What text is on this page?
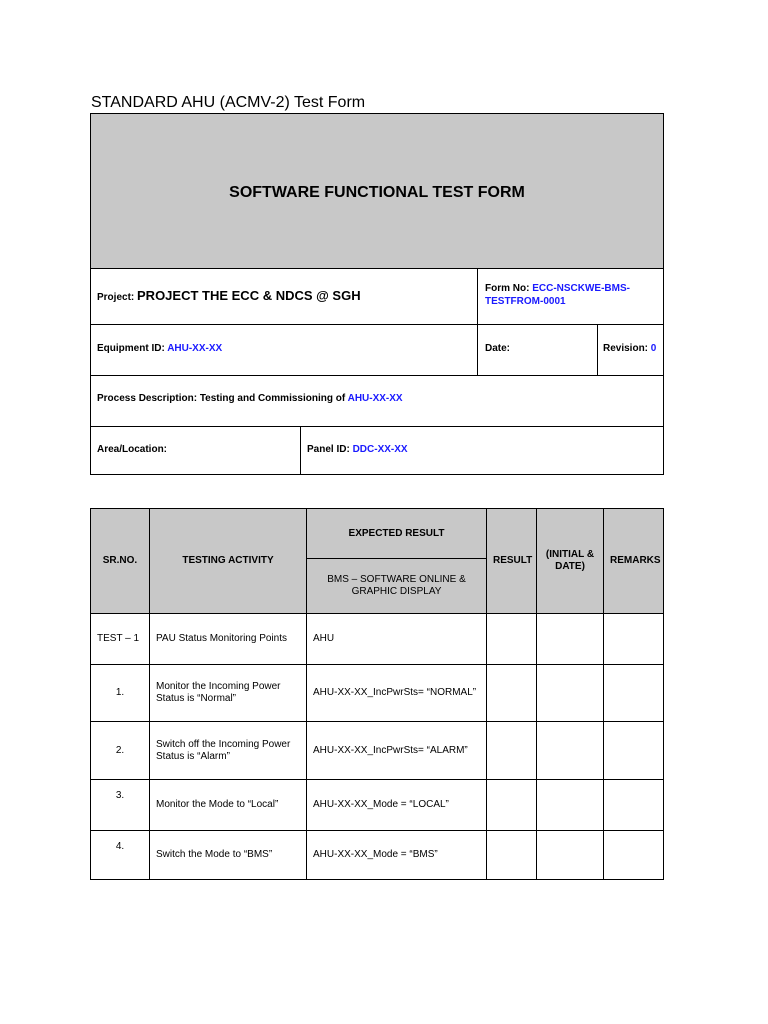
STANDARD AHU (ACMV-2) Test Form
SOFTWARE FUNCTIONAL TEST FORM
Project: PROJECT THE ECC & NDCS @ SGH	Form No: ECC-NSCKWE-BMS-
TESTFROM-0001
Equipment ID: AHU-XX-XX	Date:	Revision: 0
Process Description: Testing and Commissioning of AHU-XX-XX
Area/Location:	Panel ID: DDC-XX-XX
SR.NO.	TESTING ACTIVITY	EXPECTED RESULT	RESULT	(INITIAL & DATE)	REMARKS
		BMS – SOFTWARE ONLINE & GRAPHIC DISPLAY			
TEST – 1	PAU Status Monitoring Points	AHU			
1.	Monitor the Incoming Power Status is “Normal”	AHU-XX-XX_IncPwrSts= “NORMAL”			
2.	Switch off the Incoming Power Status is “Alarm”	AHU-XX-XX_IncPwrSts= “ALARM”			
3.	Monitor the Mode to “Local”	AHU-XX-XX_Mode = “LOCAL”			
4.	Switch the Mode to “BMS”	AHU-XX-XX_Mode = “BMS”			
